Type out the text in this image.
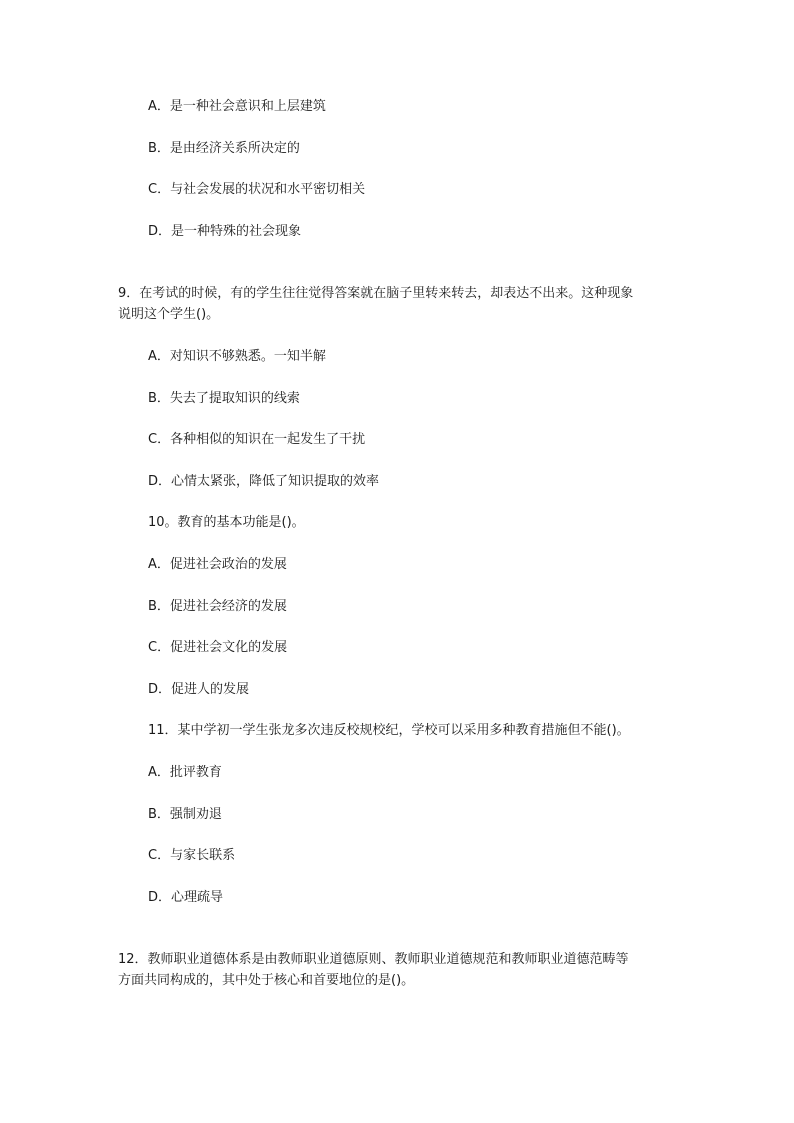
A．是一种社会意识和上层建筑
B．是由经济关系所决定的
C．与社会发展的状况和水平密切相关
D．是一种特殊的社会现象
9．在考试的时候，有的学生往往觉得答案就在脑子里转来转去，却表达不出来。这种现象
说明这个学生()。
A．对知识不够熟悉。一知半解
B．失去了提取知识的线索
C．各种相似的知识在一起发生了干扰
D．心情太紧张，降低了知识提取的效率
10。教育的基本功能是()。
A．促进社会政治的发展
B．促进社会经济的发展
C．促进社会文化的发展
D．促进人的发展
11．某中学初一学生张龙多次违反校规校纪，学校可以采用多种教育措施但不能()。
A．批评教育
B．强制劝退
C．与家长联系
D．心理疏导
12．教师职业道德体系是由教师职业道德原则、教师职业道德规范和教师职业道德范畴等
方面共同构成的，其中处于核心和首要地位的是()。
